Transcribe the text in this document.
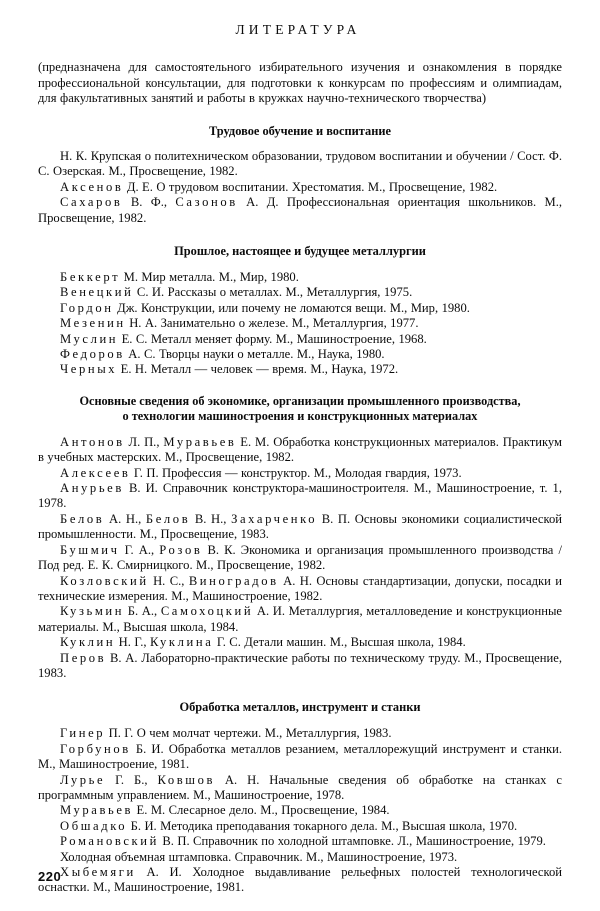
ЛИТЕРАТУРА

(предназначена для самостоятельного избирательного изучения и ознакомления в порядке профессиональной консультации, для подготовки к конкурсам по профессиям и олимпиадам, для факультативных занятий и работы в кружках научно-технического творчества)

Трудовое обучение и воспитание

Н. К. Крупская о политехническом образовании, трудовом воспитании и обучении / Сост. Ф. С. Озерская. М., Просвещение, 1982.

Аксенов Д. Е. О трудовом воспитании. Хрестоматия. М., Просвещение, 1982.

Сахаров В. Ф., Сазонов А. Д. Профессиональная ориентация школьников. М., Просвещение, 1982.

Прошлое, настоящее и будущее металлургии

Беккерт М. Мир металла. М., Мир, 1980.

Венецкий С. И. Рассказы о металлах. М., Металлургия, 1975.

Гордон Дж. Конструкции, или почему не ломаются вещи. М., Мир, 1980.

Мезенин Н. А. Занимательно о железе. М., Металлургия, 1977.

Муслин Е. С. Металл меняет форму. М., Машиностроение, 1968.

Федоров А. С. Творцы науки о металле. М., Наука, 1980.

Черных Е. Н. Металл — человек — время. М., Наука, 1972.

Основные сведения об экономике, организации промышленного производства,
о технологии машиностроения и конструкционных материалах

Антонов Л. П., Муравьев Е. М. Обработка конструкционных материалов. Практикум в учебных мастерских. М., Просвещение, 1982.

Алексеев Г. П. Профессия — конструктор. М., Молодая гвардия, 1973.

Анурьев В. И. Справочник конструктора-машиностроителя. М., Машиностроение, т. 1, 1978.

Белов А. Н., Белов В. Н., Захарченко В. П. Основы экономики социалистической промышленности. М., Просвещение, 1983.

Бушмич Г. А., Розов В. К. Экономика и организация промышленного производства / Под ред. Е. К. Смирницкого. М., Просвещение, 1982.

Козловский Н. С., Виноградов А. Н. Основы стандартизации, допуски, посадки и технические измерения. М., Машиностроение, 1982.

Кузьмин Б. А., Самохоцкий А. И. Металлургия, металловедение и конструкционные материалы. М., Высшая школа, 1984.

Куклин Н. Г., Куклина Г. С. Детали машин. М., Высшая школа, 1984.

Перов В. А. Лабораторно-практические работы по техническому труду. М., Просвещение, 1983.

Обработка металлов, инструмент и станки

Гинер П. Г. О чем молчат чертежи. М., Металлургия, 1983.

Горбунов Б. И. Обработка металлов резанием, металлорежущий инструмент и станки. М., Машиностроение, 1981.

Лурье Г. Б., Ковшов А. Н. Начальные сведения об обработке на станках с программным управлением. М., Машиностроение, 1978.

Муравьев Е. М. Слесарное дело. М., Просвещение, 1984.

Обшадко Б. И. Методика преподавания токарного дела. М., Высшая школа, 1970.

Романовский В. П. Справочник по холодной штамповке. Л., Машиностроение, 1979.

Холодная объемная штамповка. Справочник. М., Машиностроение, 1973.

Хыбемяги А. И. Холодное выдавливание рельефных полостей технологической оснастки. М., Машиностроение, 1981.

220
